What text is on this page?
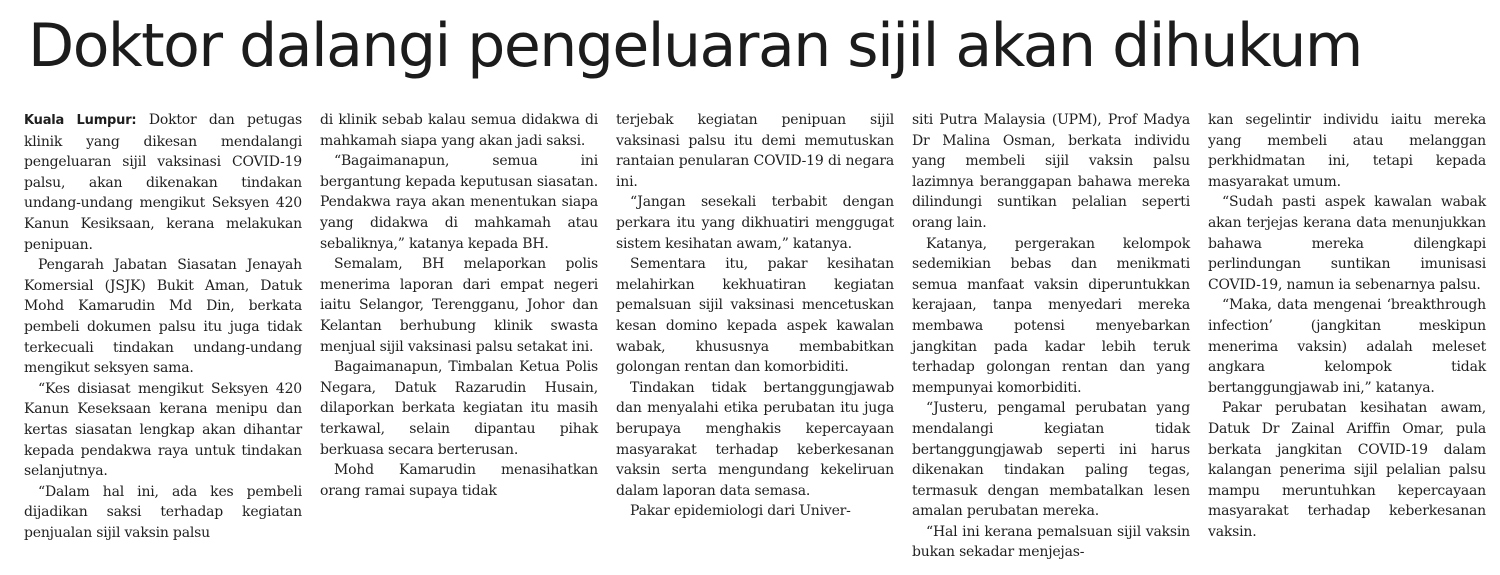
Doktor dalangi pengeluaran sijil akan dihukum

Kuala Lumpur: Doktor dan petugas klinik yang dikesan mendalangi pengeluaran sijil vaksinasi COVID-19 palsu, akan dikenakan tindakan undang-undang mengikut Seksyen 420 Kanun Kesiksaan, kerana melakukan penipuan.

Pengarah Jabatan Siasatan Jenayah Komersial (JSJK) Bukit Aman, Datuk Mohd Kamarudin Md Din, berkata pembeli dokumen palsu itu juga tidak terkecuali tindakan undang-undang mengikut seksyen sama.

“Kes disiasat mengikut Seksyen 420 Kanun Keseksaan kerana menipu dan kertas siasatan lengkap akan dihantar kepada pendakwa raya untuk tindakan selanjutnya.

“Dalam hal ini, ada kes pembeli dijadikan saksi terhadap kegiatan penjualan sijil vaksin palsu

di klinik sebab kalau semua didakwa di mahkamah siapa yang akan jadi saksi.

“Bagaimanapun, semua ini bergantung kepada keputusan siasatan. Pendakwa raya akan menentukan siapa yang didakwa di mahkamah atau sebaliknya,” katanya kepada BH.

Semalam, BH melaporkan polis menerima laporan dari empat negeri iaitu Selangor, Terengganu, Johor dan Kelantan berhubung klinik swasta menjual sijil vaksinasi palsu setakat ini.

Bagaimanapun, Timbalan Ketua Polis Negara, Datuk Razarudin Husain, dilaporkan berkata kegiatan itu masih terkawal, selain dipantau pihak berkuasa secara berterusan.

Mohd Kamarudin menasihatkan orang ramai supaya tidak

terjebak kegiatan penipuan sijil vaksinasi palsu itu demi memutuskan rantaian penularan COVID-19 di negara ini.

“Jangan sesekali terbabit dengan perkara itu yang dikhuatiri menggugat sistem kesihatan awam,” katanya.

Sementara itu, pakar kesihatan melahirkan kekhuatiran kegiatan pemalsuan sijil vaksinasi mencetuskan kesan domino kepada aspek kawalan wabak, khususnya membabitkan golongan rentan dan komorbiditi.

Tindakan tidak bertanggungjawab dan menyalahi etika perubatan itu juga berupaya menghakis kepercayaan masyarakat terhadap keberkesanan vaksin serta mengundang kekeliruan dalam laporan data semasa.

Pakar epidemiologi dari Univer-

siti Putra Malaysia (UPM), Prof Madya Dr Malina Osman, berkata individu yang membeli sijil vaksin palsu lazimnya beranggapan bahawa mereka dilindungi suntikan pelalian seperti orang lain.

Katanya, pergerakan kelompok sedemikian bebas dan menikmati semua manfaat vaksin diperuntukkan kerajaan, tanpa menyedari mereka membawa potensi menyebarkan jangkitan pada kadar lebih teruk terhadap golongan rentan dan yang mempunyai komorbiditi.

“Justeru, pengamal perubatan yang mendalangi kegiatan tidak bertanggungjawab seperti ini harus dikenakan tindakan paling tegas, termasuk dengan membatalkan lesen amalan perubatan mereka.

“Hal ini kerana pemalsuan sijil vaksin bukan sekadar menjejas-

kan segelintir individu iaitu mereka yang membeli atau melanggan perkhidmatan ini, tetapi kepada masyarakat umum.

“Sudah pasti aspek kawalan wabak akan terjejas kerana data menunjukkan bahawa mereka dilengkapi perlindungan suntikan imunisasi COVID-19, namun ia sebenarnya palsu.

“Maka, data mengenai ‘breakthrough infection’ (jangkitan meskipun menerima vaksin) adalah meleset angkara kelompok tidak bertanggungjawab ini,” katanya.

Pakar perubatan kesihatan awam, Datuk Dr Zainal Ariffin Omar, pula berkata jangkitan COVID-19 dalam kalangan penerima sijil pelalian palsu mampu meruntuhkan kepercayaan masyarakat terhadap keberkesanan vaksin.
